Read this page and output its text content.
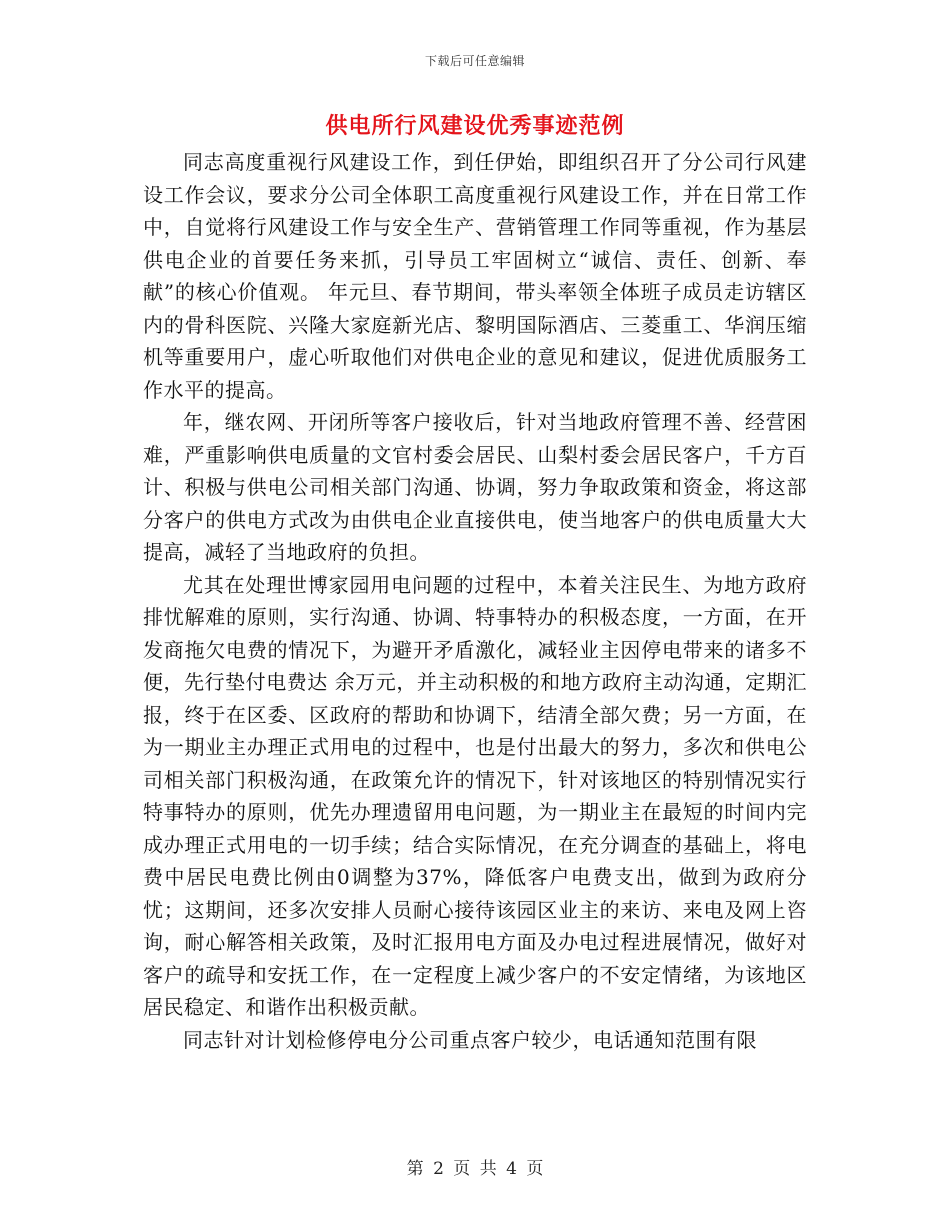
下载后可任意编辑
供电所行风建设优秀事迹范例

同志高度重视行风建设工作，到任伊始，即组织召开了分公司行风建设工作会议，要求分公司全体职工高度重视行风建设工作，并在日常工作中，自觉将行风建设工作与安全生产、营销管理工作同等重视，作为基层供电企业的首要任务来抓，引导员工牢固树立“诚信、责任、创新、奉献”的核心价值观。 年元旦、春节期间，带头率领全体班子成员走访辖区内的骨科医院、兴隆大家庭新光店、黎明国际酒店、三菱重工、华润压缩机等重要用户，虚心听取他们对供电企业的意见和建议，促进优质服务工作水平的提高。

年，继农网、开闭所等客户接收后，针对当地政府管理不善、经营困难，严重影响供电质量的文官村委会居民、山梨村委会居民客户，千方百计、积极与供电公司相关部门沟通、协调，努力争取政策和资金，将这部分客户的供电方式改为由供电企业直接供电，使当地客户的供电质量大大提高，减轻了当地政府的负担。

尤其在处理世博家园用电问题的过程中，本着关注民生、为地方政府排忧解难的原则，实行沟通、协调、特事特办的积极态度，一方面，在开发商拖欠电费的情况下，为避开矛盾激化，减轻业主因停电带来的诸多不便，先行垫付电费达 余万元，并主动积极的和地方政府主动沟通，定期汇报，终于在区委、区政府的帮助和协调下，结清全部欠费；另一方面，在为一期业主办理正式用电的过程中，也是付出最大的努力，多次和供电公司相关部门积极沟通，在政策允许的情况下，针对该地区的特别情况实行特事特办的原则，优先办理遗留用电问题，为一期业主在最短的时间内完成办理正式用电的一切手续；结合实际情况，在充分调查的基础上，将电费中居民电费比例由0调整为37%，降低客户电费支出，做到为政府分忧；这期间，还多次安排人员耐心接待该园区业主的来访、来电及网上咨询，耐心解答相关政策，及时汇报用电方面及办电过程进展情况，做好对客户的疏导和安抚工作，在一定程度上减少客户的不安定情绪，为该地区居民稳定、和谐作出积极贡献。

同志针对计划检修停电分公司重点客户较少，电话通知范围有限

第 2 页 共 4 页
